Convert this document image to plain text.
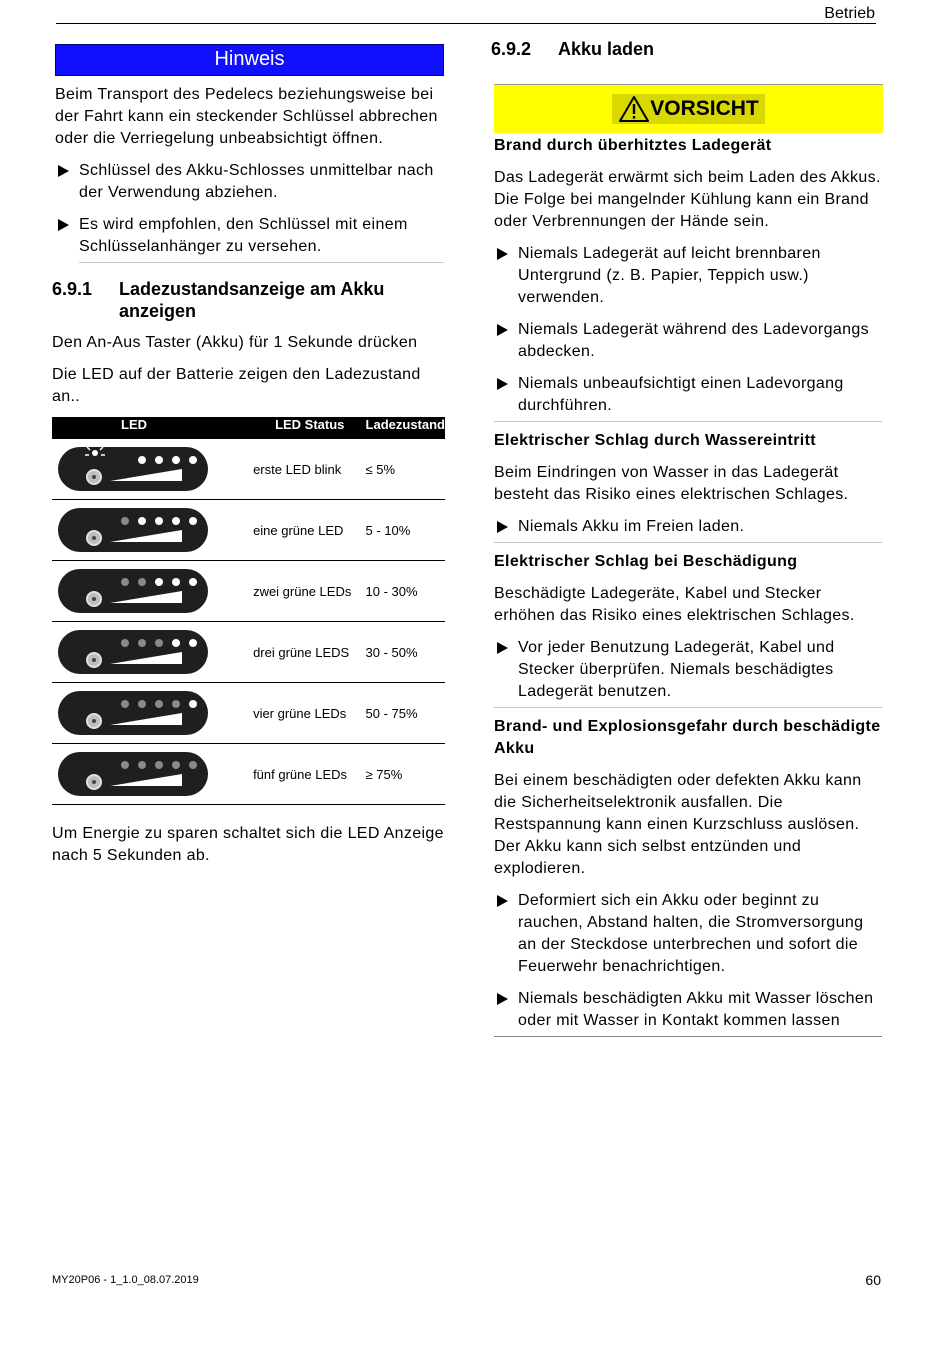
Betrieb
Hinweis

Beim Transport des Pedelecs beziehungsweise bei der Fahrt kann ein steckender Schlüssel abbrechen oder die Verriegelung unbeabsichtigt öffnen.

Schlüssel des Akku-Schlosses unmittelbar nach der Verwendung abziehen.
Es wird empfohlen, den Schlüssel mit einem Schlüsselanhänger zu versehen.
6.9.1	Ladezustandsanzeige am Akku anzeigen

Den An-Aus Taster (Akku) für 1 Sekunde drücken

Die LED auf der Batterie zeigen den Ladezustand an..

LED	LED Status	Ladezustand

	erste LED blink	≤ 5%

	eine grüne LED	5 - 10%

	zwei grüne LEDs	10 - 30%

	drei grüne LEDS	30 - 50%

	vier grüne LEDs	50 - 75%

	fünf grüne LEDs	≥ 75%

Um Energie zu sparen schaltet sich die LED Anzeige nach 5 Sekunden ab.

6.9.2	Akku laden
VORSICHT

Brand durch überhitztes Ladegerät

Das Ladegerät erwärmt sich beim Laden des Akkus. Die Folge bei mangelnder Kühlung kann ein Brand oder Verbrennungen der Hände sein.

Niemals Ladegerät auf leicht brennbaren Untergrund (z. B. Papier, Teppich usw.) verwenden.
Niemals Ladegerät während des Ladevorgangs abdecken.
Niemals unbeaufsichtigt einen Ladevorgang durchführen.

Elektrischer Schlag durch Wassereintritt

Beim Eindringen von Wasser in das Ladegerät besteht das Risiko eines elektrischen Schlages.

Niemals Akku im Freien laden.

Elektrischer Schlag bei Beschädigung

Beschädigte Ladegeräte, Kabel und Stecker erhöhen das Risiko eines elektrischen Schlages.

Vor jeder Benutzung Ladegerät, Kabel und Stecker überprüfen. Niemals beschädigtes Ladegerät benutzen.

Brand- und Explosionsgefahr durch beschädigte Akku

Bei einem beschädigten oder defekten Akku kann die Sicherheitselektronik ausfallen. Die Restspannung kann einen Kurzschluss auslösen. Der Akku kann sich selbst entzünden und explodieren.

Deformiert sich ein Akku oder beginnt zu rauchen, Abstand halten, die Stromversorgung an der Steckdose unterbrechen und sofort die Feuerwehr benachrichtigen.
Niemals beschädigten Akku mit Wasser löschen oder mit Wasser in Kontakt kommen lassen
MY20P06 - 1_1.0_08.07.2019	60
